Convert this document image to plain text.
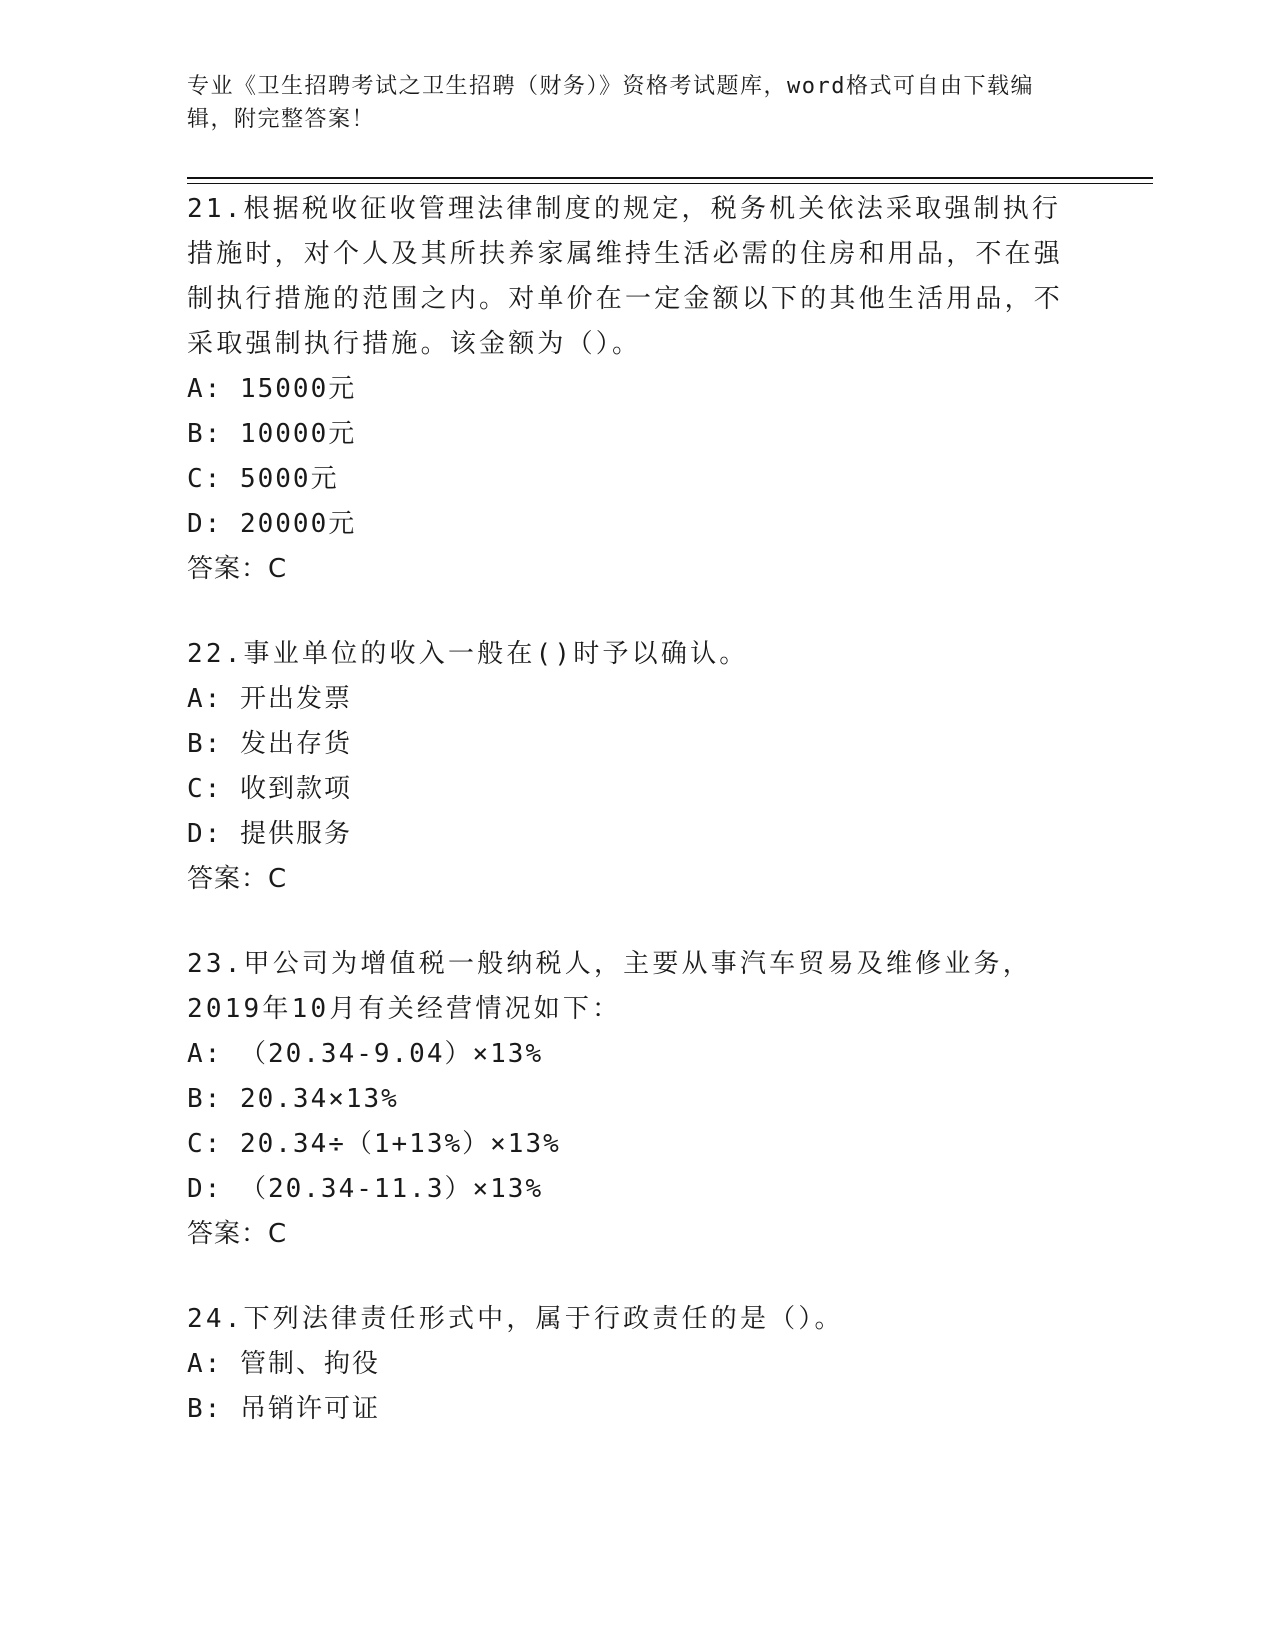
专业《卫生招聘考试之卫生招聘（财务）》资格考试题库，word格式可自由下载编辑，附完整答案！

21.根据税收征收管理法律制度的规定，税务机关依法采取强制执行措施时，对个人及其所扶养家属维持生活必需的住房和用品，不在强制执行措施的范围之内。对单价在一定金额以下的其他生活用品，不采取强制执行措施。该金额为（）。

A: 15000元

B: 10000元

C: 5000元

D: 20000元

答案：C

22.事业单位的收入一般在()时予以确认。

A: 开出发票

B: 发出存货

C: 收到款项

D: 提供服务

答案：C

23.甲公司为增值税一般纳税人，主要从事汽车贸易及维修业务，2019年10月有关经营情况如下：

A: （20.34-9.04）×13%

B: 20.34×13%

C: 20.34÷（1+13%）×13%

D: （20.34-11.3）×13%

答案：C

24.下列法律责任形式中，属于行政责任的是（）。

A: 管制、拘役

B: 吊销许可证
